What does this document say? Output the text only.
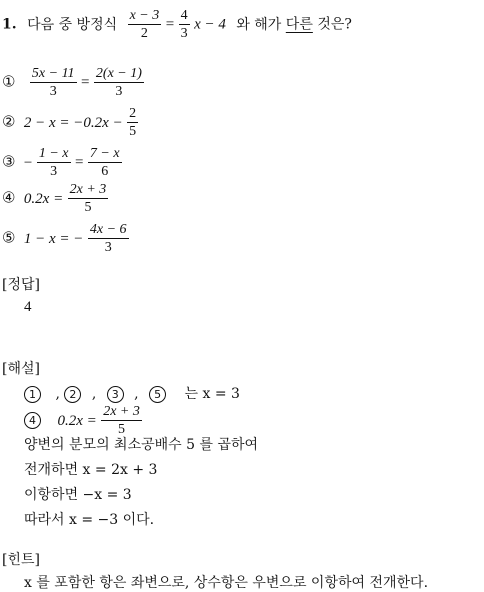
1. 다음 중 방정식 $\frac{x - 3}{2} = \frac{4}{3}$ x − 4 와 해가 다른 것은?
① $\frac{5x - 11}{3} = \frac{2(x - 1)}{3}$
② $2 - x = -0.2x - \frac{2}{5}$
③ − $\frac{1 - x}{3} = \frac{7 - x}{6}$
④ $0.2x = \frac{2x + 3}{5}$
⑤ 1 − x = − $\frac{4x - 6}{3}$
[정답]
4
[해설]
1 , 2 , 3 , 5 는 x = 3
4 $0.2x = \frac{2x + 3}{5}$
양변의 분모의 최소공배수 5 를 곱하여
전개하면 x = 2x + 3
이항하면 −x = 3
따라서 x = −3 이다.
[힌트]
x 를 포함한 항은 좌변으로, 상수항은 우변으로 이항하여 전개한다.
